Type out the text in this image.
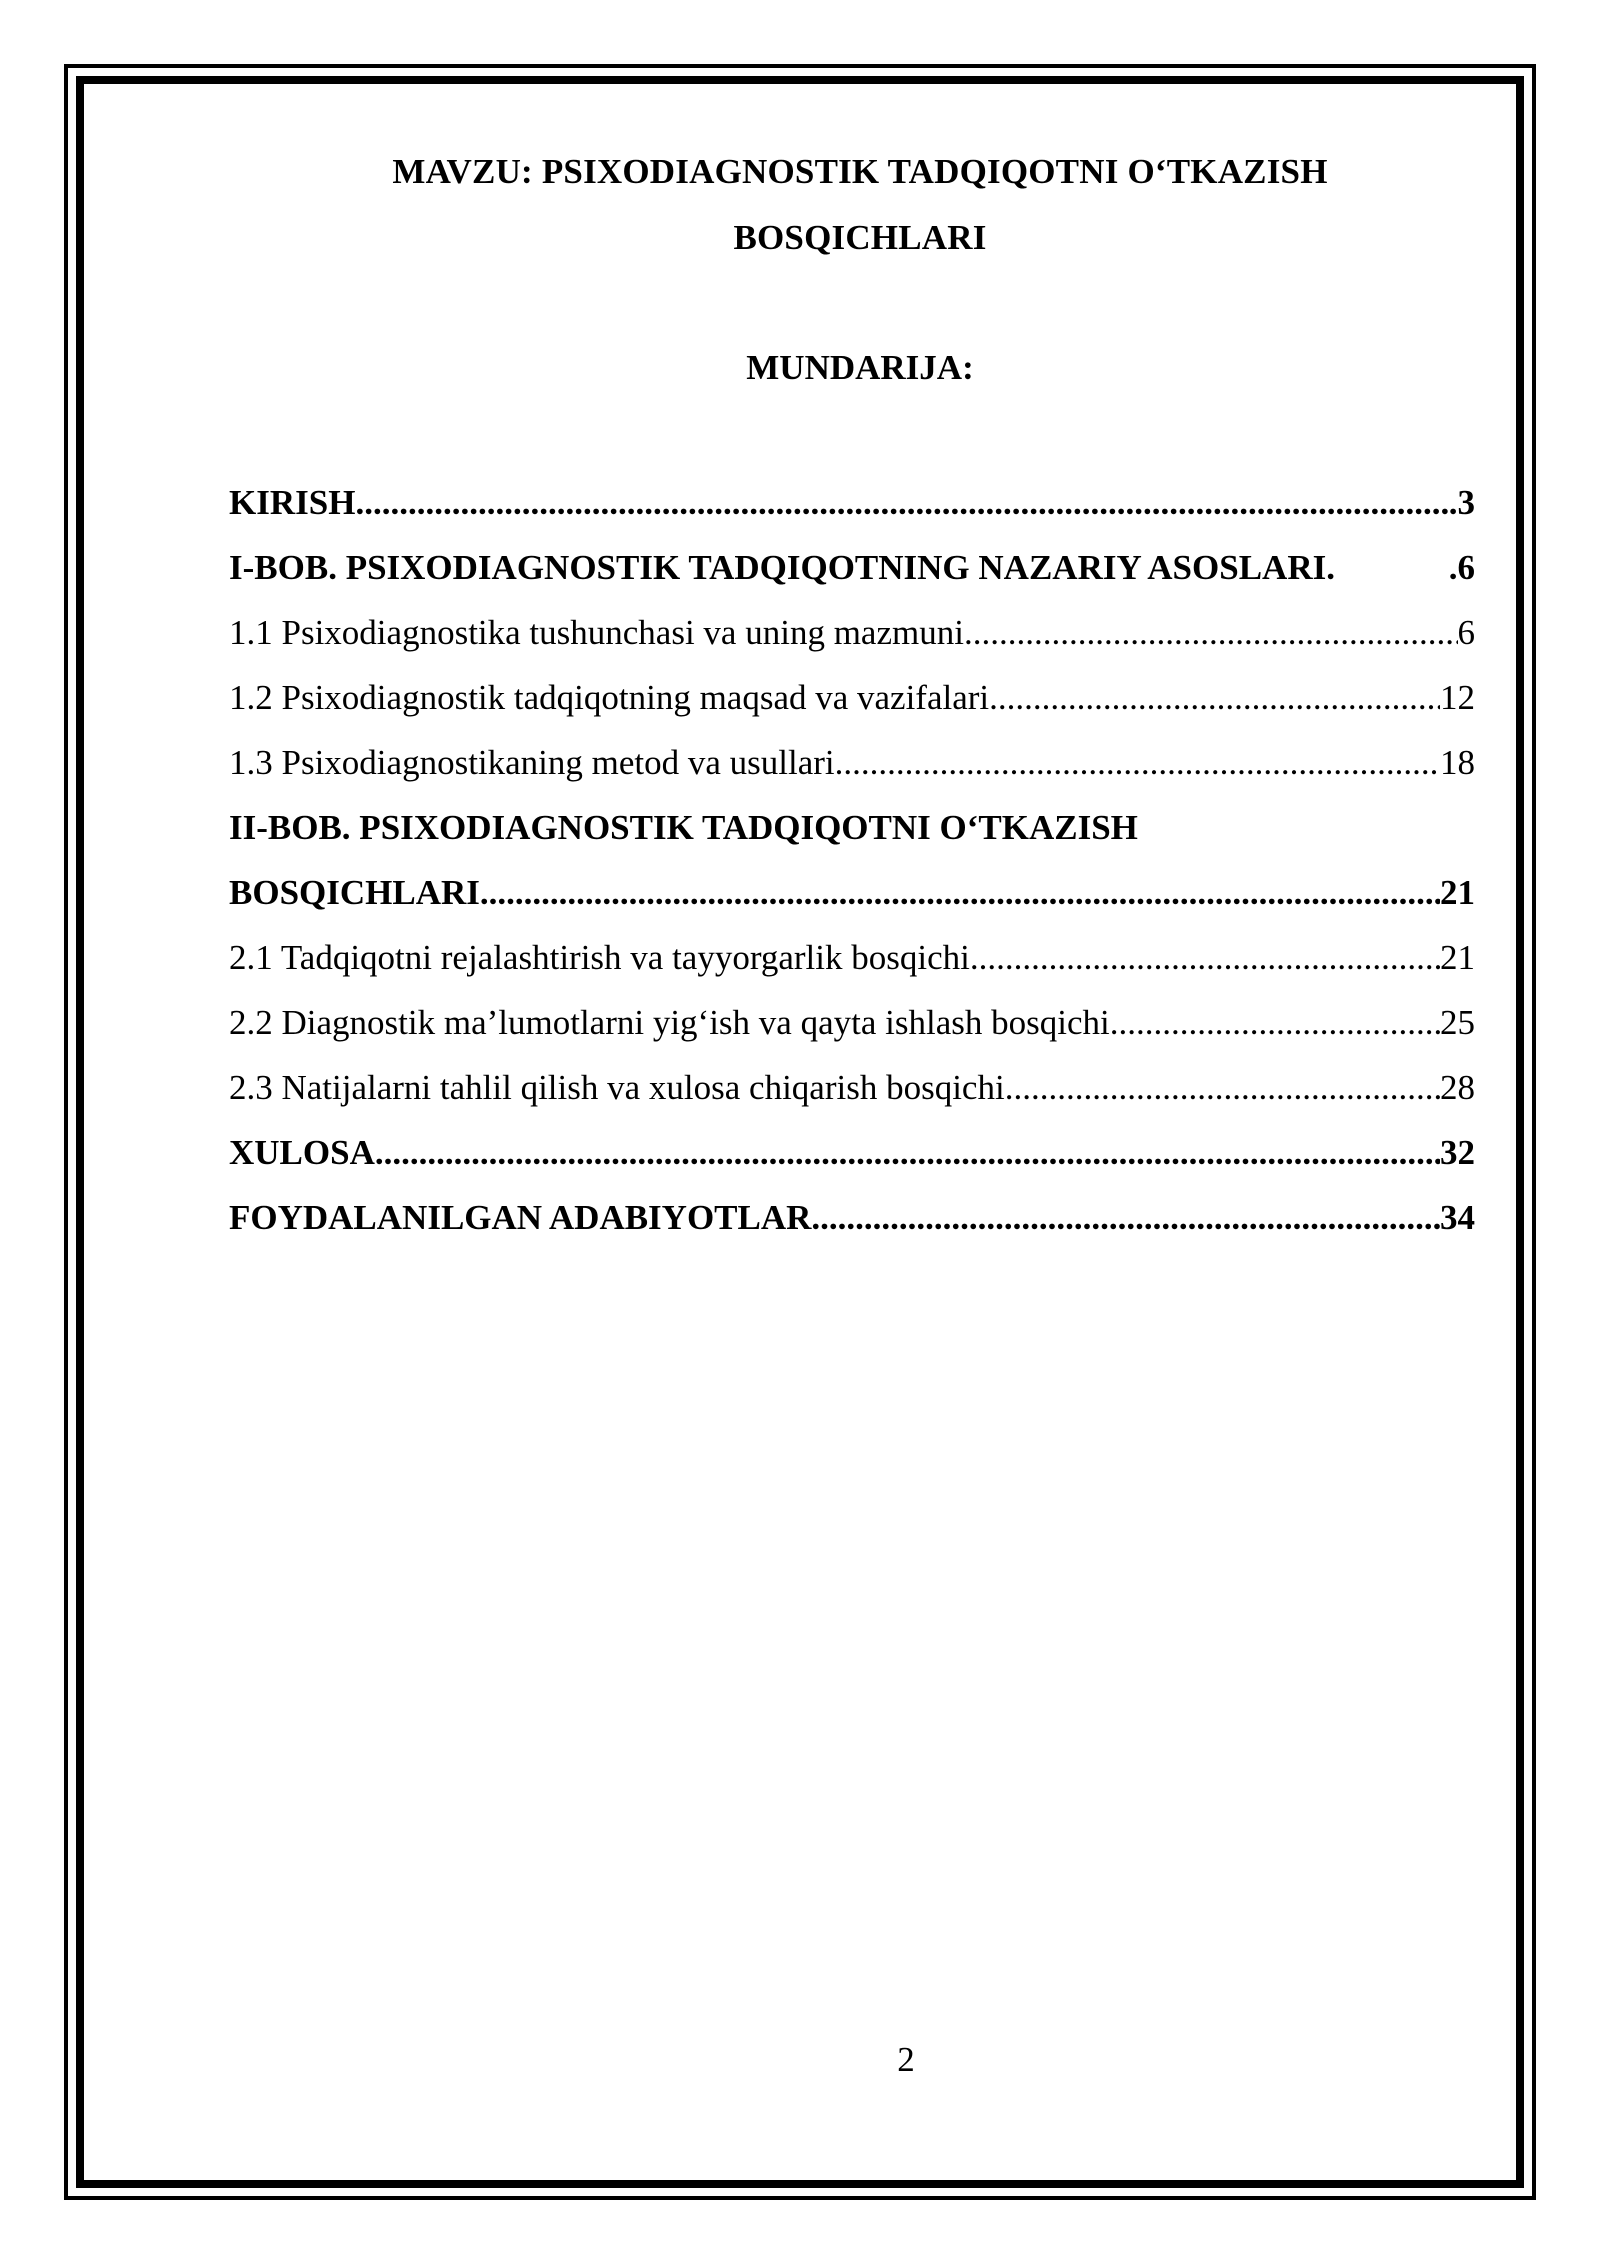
MAVZU: PSIXODIAGNOSTIK TADQIQOTNI O‘TKAZISH
BOSQICHLARI
MUNDARIJA:
KIRISH .....	.3
I-BOB. PSIXODIAGNOSTIK TADQIQOTNING NAZARIY ASOSLARI.	.6
1.1 Psixodiagnostika tushunchasi va uning mazmuni .....	6
1.2 Psixodiagnostik tadqiqotning maqsad va vazifalari .....	12
1.3 Psixodiagnostikaning metod va usullari .....	18
II-BOB. PSIXODIAGNOSTIK TADQIQOTNI O‘TKAZISH
BOSQICHLARI .....	21
2.1 Tadqiqotni rejalashtirish va tayyorgarlik bosqichi .....	21
2.2 Diagnostik ma’lumotlarni yig‘ish va qayta ishlash bosqichi .....	25
2.3 Natijalarni tahlil qilish va xulosa chiqarish bosqichi .....	28
XULOSA .....	32
FOYDALANILGAN ADABIYOTLAR .....	34
2
